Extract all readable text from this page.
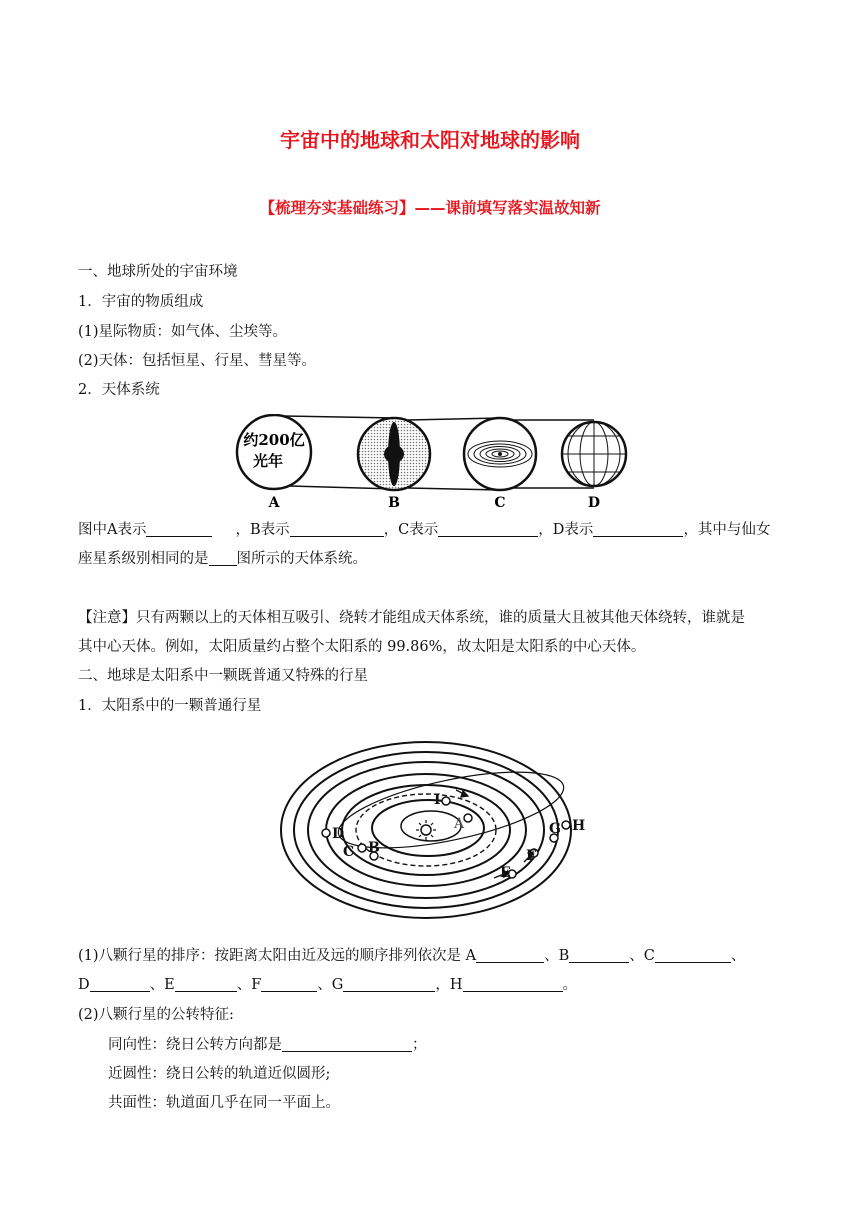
宇宙中的地球和太阳对地球的影响
【梳理夯实基础练习】——课前填写落实温故知新
一、地球所处的宇宙环境
1．宇宙的物质组成
(1)星际物质：如气体、尘埃等。
(2)天体：包括恒星、行星、彗星等。
2．天体系统
约200亿
光年
A	B	C	D
图中A表示	，B表示	，C表示	，D表示	，其中与仙女
座星系级别相同的是 图所示的天体系统。
【注意】只有两颗以上的天体相互吸引、绕转才能组成天体系统，谁的质量大且被其他天体绕转，谁就是
其中心天体。例如，太阳质量约占整个太阳系的 99.86%，故太阳是太阳系的中心天体。
二、地球是太阳系中一颗既普通又特殊的行星
1．太阳系中的一颗普通行星
I
A
B
C
D
E
F
G H
(1)八颗行星的排序：按距离太阳由近及远的顺序排列依次是 A	、B	、C	、
D	、E	、F	、G	，H	。
(2)八颗行星的公转特征:
同向性：绕日公转方向都是	；
近圆性：绕日公转的轨道近似圆形;
共面性：轨道面几乎在同一平面上。
